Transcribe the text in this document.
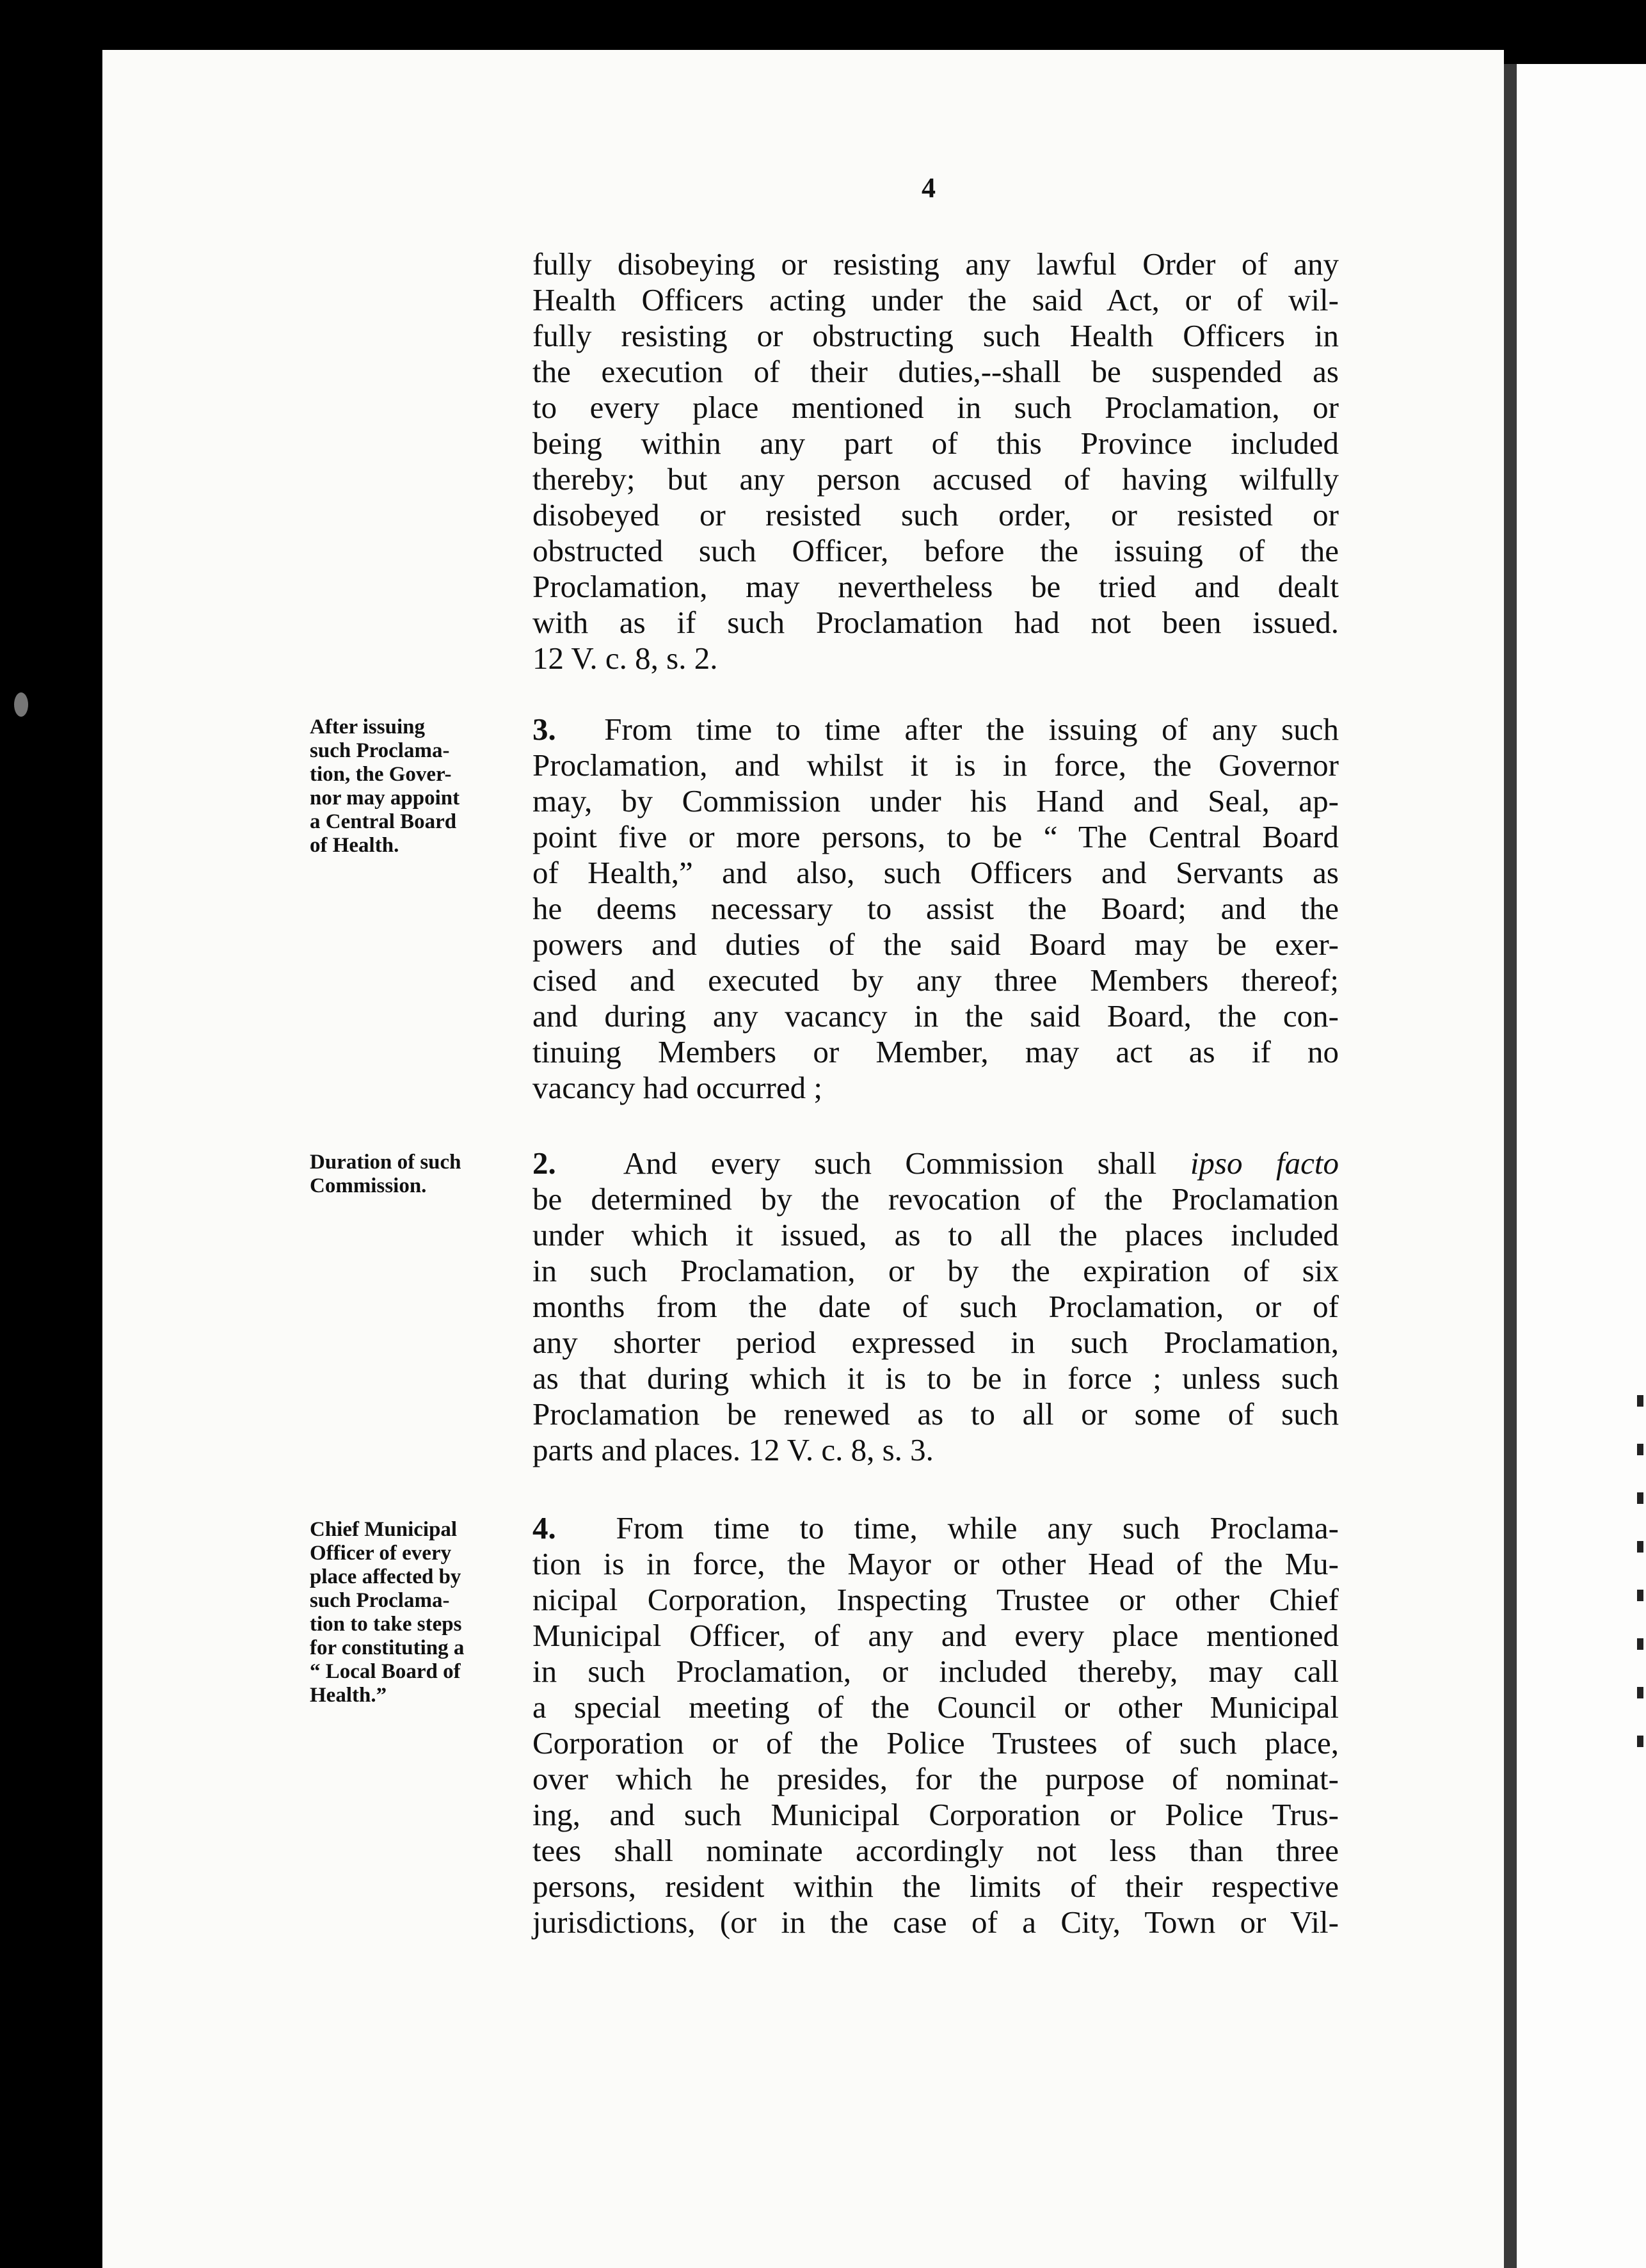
4
fully disobeying or resisting any lawful Order of any
Health Officers acting under the said Act, or of wil-
fully resisting or obstructing such Health Officers in
the execution of their duties,--shall be suspended as
to every place mentioned in such Proclamation, or
being within any part of this Province included
thereby; but any person accused of having wilfully
disobeyed or resisted such order, or resisted or
obstructed such Officer, before the issuing of the
Proclamation, may nevertheless be tried and dealt
with as if such Proclamation had not been issued.
12 V. c. 8, s. 2.
After issuing
such Proclama-
tion, the Gover-
nor may appoint
a Central Board
of Health.
3. From time to time after the issuing of any such
Proclamation, and whilst it is in force, the Governor
may, by Commission under his Hand and Seal, ap-
point five or more persons, to be “ The Central Board
of Health,” and also, such Officers and Servants as
he deems necessary to assist the Board; and the
powers and duties of the said Board may be exer-
cised and executed by any three Members thereof;
and during any vacancy in the said Board, the con-
tinuing Members or Member, may act as if no
vacancy had occurred ;
Duration of such
Commission.
2. And every such Commission shall ipso facto
be determined by the revocation of the Proclamation
under which it issued, as to all the places included
in such Proclamation, or by the expiration of six
months from the date of such Proclamation, or of
any shorter period expressed in such Proclamation,
as that during which it is to be in force ; unless such
Proclamation be renewed as to all or some of such
parts and places. 12 V. c. 8, s. 3.
Chief Municipal
Officer of every
place affected by
such Proclama-
tion to take steps
for constituting a
“ Local Board of
Health.”
4. From time to time, while any such Proclama-
tion is in force, the Mayor or other Head of the Mu-
nicipal Corporation, Inspecting Trustee or other Chief
Municipal Officer, of any and every place mentioned
in such Proclamation, or included thereby, may call
a special meeting of the Council or other Municipal
Corporation or of the Police Trustees of such place,
over which he presides, for the purpose of nominat-
ing, and such Municipal Corporation or Police Trus-
tees shall nominate accordingly not less than three
persons, resident within the limits of their respective
jurisdictions, (or in the case of a City, Town or Vil-
